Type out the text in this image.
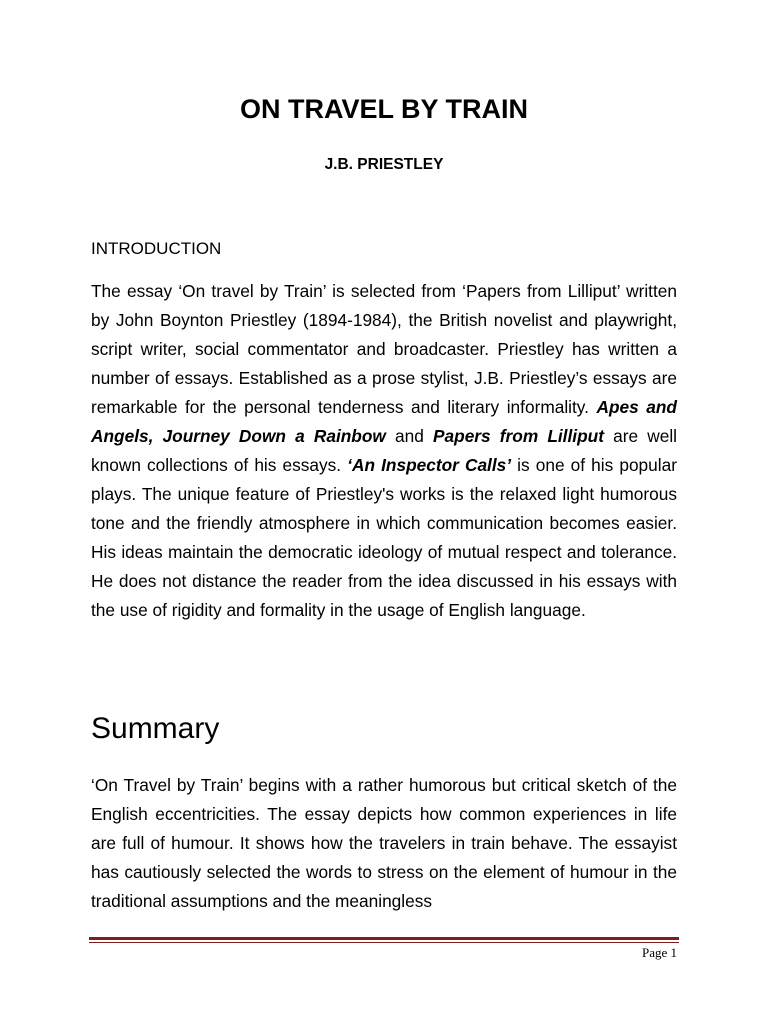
ON TRAVEL BY TRAIN

J.B. PRIESTLEY

INTRODUCTION

The essay ‘On travel by Train’ is selected from ‘Papers from Lilliput’ written by John Boynton Priestley (1894-1984), the British novelist and playwright, script writer, social commentator and broadcaster. Priestley has written a number of essays. Established as a prose stylist, J.B. Priestley’s essays are remarkable for the personal tenderness and literary informality. Apes and Angels, Journey Down a Rainbow and Papers from Lilliput are well known collections of his essays. ‘An Inspector Calls’ is one of his popular plays. The unique feature of Priestley's works is the relaxed light humorous tone and the friendly atmosphere in which communication becomes easier. His ideas maintain the democratic ideology of mutual respect and tolerance. He does not distance the reader from the idea discussed in his essays with the use of rigidity and formality in the usage of English language.

Summary

‘On Travel by Train’ begins with a rather humorous but critical sketch of the English eccentricities. The essay depicts how common experiences in life are full of humour. It shows how the travelers in train behave. The essayist has cautiously selected the words to stress on the element of humour in the traditional assumptions and the meaningless

Page 1
